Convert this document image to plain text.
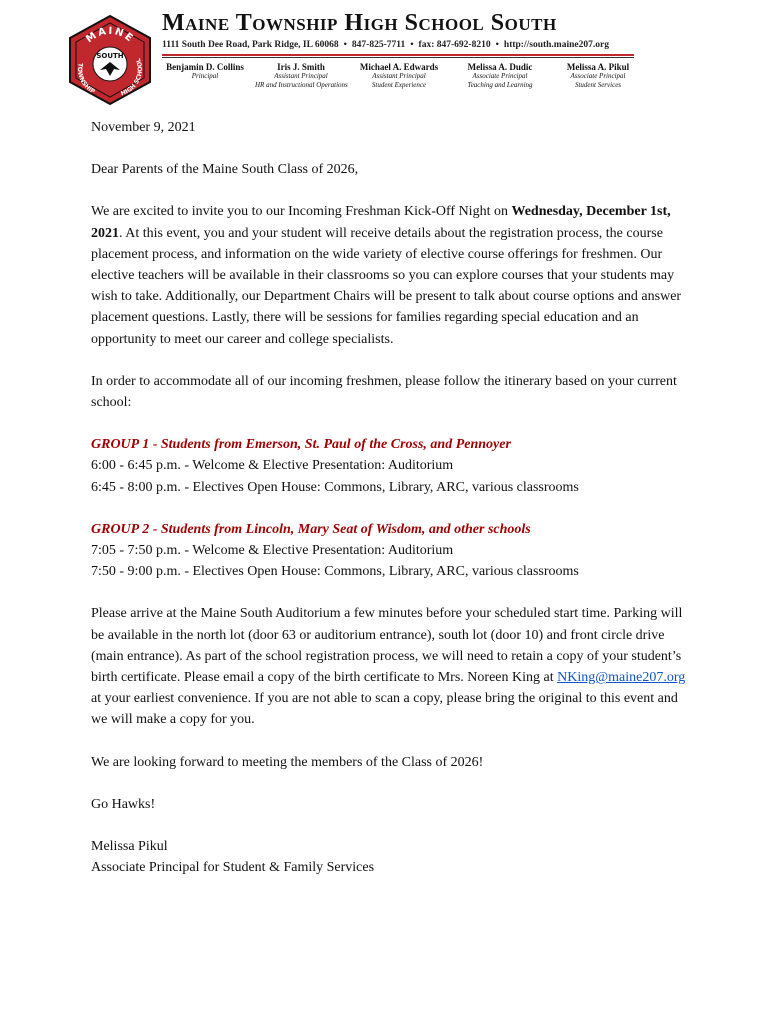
MAINE
TOWNSHIP	HIGH SCHOOL
SOUTH
Maine Township High School South
1111 South Dee Road, Park Ridge, IL 60068 • 847-825-7711 • fax: 847-692-8210 • http://south.maine207.org
Benjamin D. Collins
Principal
Iris J. Smith
Assistant Principal
HR and Instructional Operations
Michael A. Edwards
Assistant Principal
Student Experience
Melissa A. Dudic
Associate Principal
Teaching and Learning
Melissa A. Pikul
Associate Principal
Student Services

November 9, 2021

Dear Parents of the Maine South Class of 2026,

We are excited to invite you to our Incoming Freshman Kick-Off Night on Wednesday, December 1st, 2021. At this event, you and your student will receive details about the registration process, the course placement process, and information on the wide variety of elective course offerings for freshmen. Our elective teachers will be available in their classrooms so you can explore courses that your students may wish to take. Additionally, our Department Chairs will be present to talk about course options and answer placement questions. Lastly, there will be sessions for families regarding special education and an opportunity to meet our career and college specialists.

In order to accommodate all of our incoming freshmen, please follow the itinerary based on your current school:

GROUP 1 - Students from Emerson, St. Paul of the Cross, and Pennoyer

6:00 - 6:45 p.m. - Welcome & Elective Presentation: Auditorium

6:45 - 8:00 p.m. - Electives Open House: Commons, Library, ARC, various classrooms

GROUP 2 - Students from Lincoln, Mary Seat of Wisdom, and other schools

7:05 - 7:50 p.m. - Welcome & Elective Presentation: Auditorium

7:50 - 9:00 p.m. - Electives Open House: Commons, Library, ARC, various classrooms

Please arrive at the Maine South Auditorium a few minutes before your scheduled start time. Parking will be available in the north lot (door 63 or auditorium entrance), south lot (door 10) and front circle drive (main entrance). As part of the school registration process, we will need to retain a copy of your student’s birth certificate. Please email a copy of the birth certificate to Mrs. Noreen King at NKing@maine207.org at your earliest convenience. If you are not able to scan a copy, please bring the original to this event and we will make a copy for you.

We are looking forward to meeting the members of the Class of 2026!

Go Hawks!

Melissa Pikul

Associate Principal for Student & Family Services
